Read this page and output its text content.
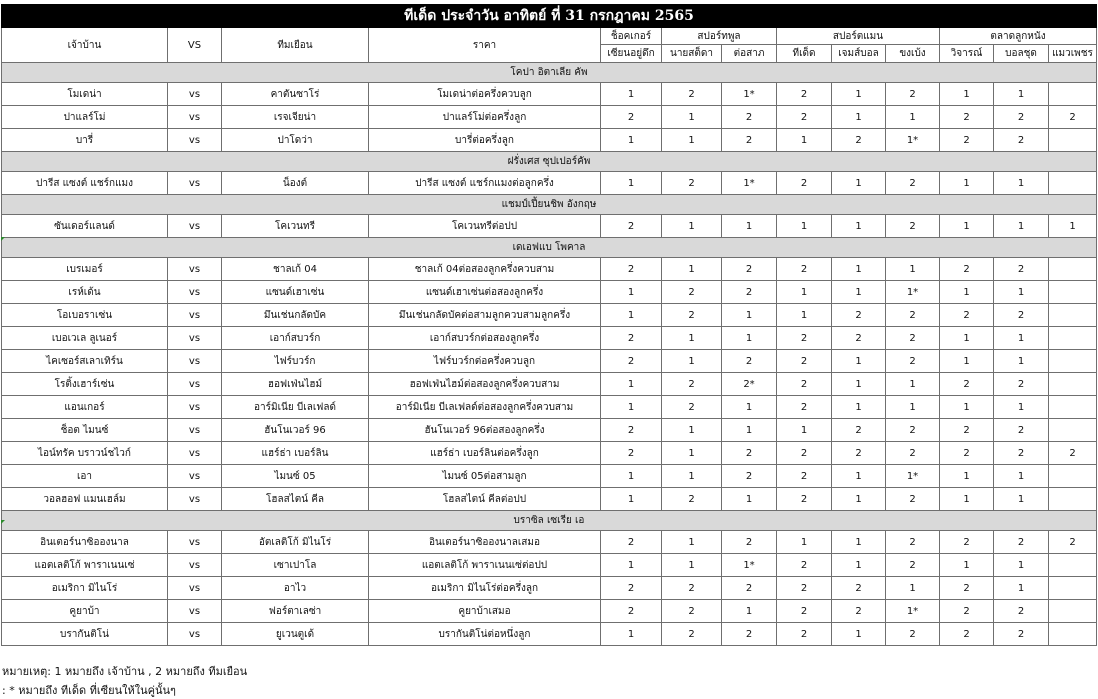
ทีเด็ด ประจำวัน อาทิตย์ ที่ 31 กรกฎาคม 2565												
เจ้าบ้าน	VS	ทีมเยือน	ราคา	ช็อคเกอร์	สปอร์ทพูล		สปอร์ตแมน			ตลาดลูกหนัง		
				เซียนอยู่ดึก	นายสต็ดา	ต่อสาภ	ทีเด็ด	เจมส์บอล	ขงเบ้ง	วิจารณ์	บอลชุด	แมวเพชร
โคปา อิตาเลีย คัพ												
โมเดน่า	vs	คาตันซาโร่	โมเดน่าต่อครึ่งควบลูก	1	2	1*	2	1	2	1	1	
ปาแลร์โม่	vs	เรจเจียน่า	ปาแลร์โม่ต่อครึ่งลูก	2	1	2	2	1	1	2	2	2
บารี่	vs	ปาโดว่า	บารี่ต่อครึ่งลูก	1	1	2	1	2	1*	2	2	
ฝรั่งเศส ซุปเปอร์คัพ												
ปารีส แซงต์ แชร์กแมง	vs	น็องต์	ปารีส แซงต์ แชร์กแมงต่อลูกครึ่ง	1	2	1*	2	1	2	1	1	
แชมป์เปี้ยนชิพ อังกฤษ												
ซันเดอร์แลนด์	vs	โคเวนทรี	โคเวนทรีต่อปป	2	1	1	1	1	2	1	1	1
เดเอฟแบ โพคาล												
เบรเมอร์	vs	ชาลเก้ 04	ชาลเก้ 04ต่อสองลูกครึ่งควบสาม	2	1	2	2	1	1	2	2	
เรห์เด้น	vs	แซนด์เฮาเซ่น	แซนด์เฮาเซ่นต่อสองลูกครึ่ง	1	2	2	1	1	1*	1	1	
โอเบอราเซ่น	vs	มึนเช่นกลัดบัค	มึนเช่นกลัดบัคต่อสามลูกควบสามลูกครึ่ง	1	2	1	1	2	2	2	2	
เบอเวเล ลูเนอร์	vs	เอาก์สบวร์ก	เอาก์สบวร์กต่อสองลูกครึ่ง	2	1	1	2	2	2	1	1	
ไคเซอร์สเลาเทิร์น	vs	ไฟร์บวร์ก	ไฟร์บวร์กต่อครึ่งควบลูก	2	1	2	2	1	2	1	1	
โรติ้งเฮาร์เซ่น	vs	ฮอฟเฟ่นไฮม์	ฮอฟเฟ่นไฮม์ต่อสองลูกครึ่งควบสาม	1	2	2*	2	1	1	2	2	
แอนเกอร์	vs	อาร์มิเนีย บีเลเฟลด์	อาร์มิเนีย บีเลเฟลด์ต่อสองลูกครึ่งควบสาม	1	2	1	2	1	1	1	1	
ช็อต ไมนซ์	vs	ฮันโนเวอร์ 96	ฮันโนเวอร์ 96ต่อสองลูกครึ่ง	2	1	1	1	2	2	2	2	
ไอน์ทรัค บราวน์ชไวก์	vs	แฮร์ธ่า เบอร์ลิน	แฮร์ธ่า เบอร์ลินต่อครึ่งลูก	2	1	2	2	2	2	2	2	2
เอา	vs	ไมนซ์ 05	ไมนซ์ 05ต่อสามลูก	1	1	2	2	1	1*	1	1	
วอลฮอฟ แมนเฮล์ม	vs	โฮลสไตน์ คีล	โฮลสไตน์ คีลต่อปป	1	2	1	2	1	2	1	1	
บราซิล เซเรีย เอ												
อินเตอร์นาซิอองนาล	vs	อัตเลติโก้ มิไนโร่	อินเตอร์นาซิอองนาลเสมอ	2	1	2	1	1	2	2	2	2
แอตเลติโก้ พาราเนนเซ่	vs	เซาเปาโล	แอตเลติโก้ พาราเนนเซ่ต่อปป	1	1	1*	2	1	2	1	1	
อเมริกา มิไนโร่	vs	อาไว	อเมริกา มิไนโร่ต่อครึ่งลูก	2	2	2	2	2	1	2	1	
คูยาบ้า	vs	ฟอร์ตาเลซ่า	คูยาบ้าเสมอ	2	2	1	2	2	1*	2	2	
บรากันติโน่	vs	ยูเวนตูเด้	บรากันติโน่ต่อหนึ่งลูก	1	2	2	2	1	2	2	2	
หมายเหตุ: 1 หมายถึง เจ้าบ้าน , 2 หมายถึง ทีมเยือน
: * หมายถึง ทีเด็ด ที่เซียนให้ในคู่นั้นๆ
